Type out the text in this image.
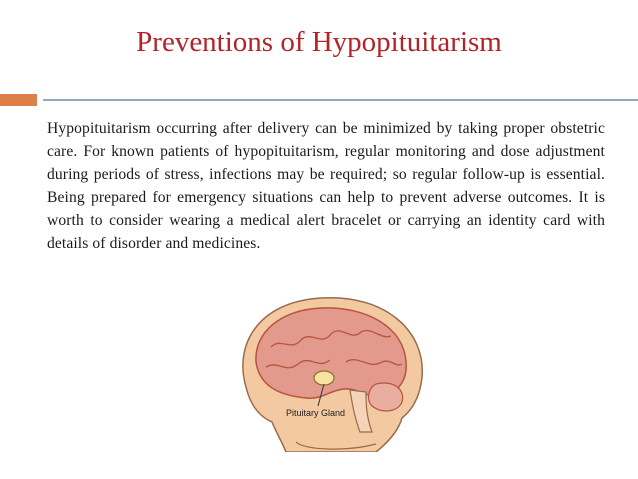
Preventions of Hypopituitarism
Hypopituitarism occurring after delivery can be minimized by taking proper obstetric care. For known patients of hypopituitarism, regular monitoring and dose adjustment during periods of stress, infections may be required; so regular follow-up is essential. Being prepared for emergency situations can help to prevent adverse outcomes. It is worth to consider wearing a medical alert bracelet or carrying an identity card with details of disorder and medicines.
Pituitary Gland
